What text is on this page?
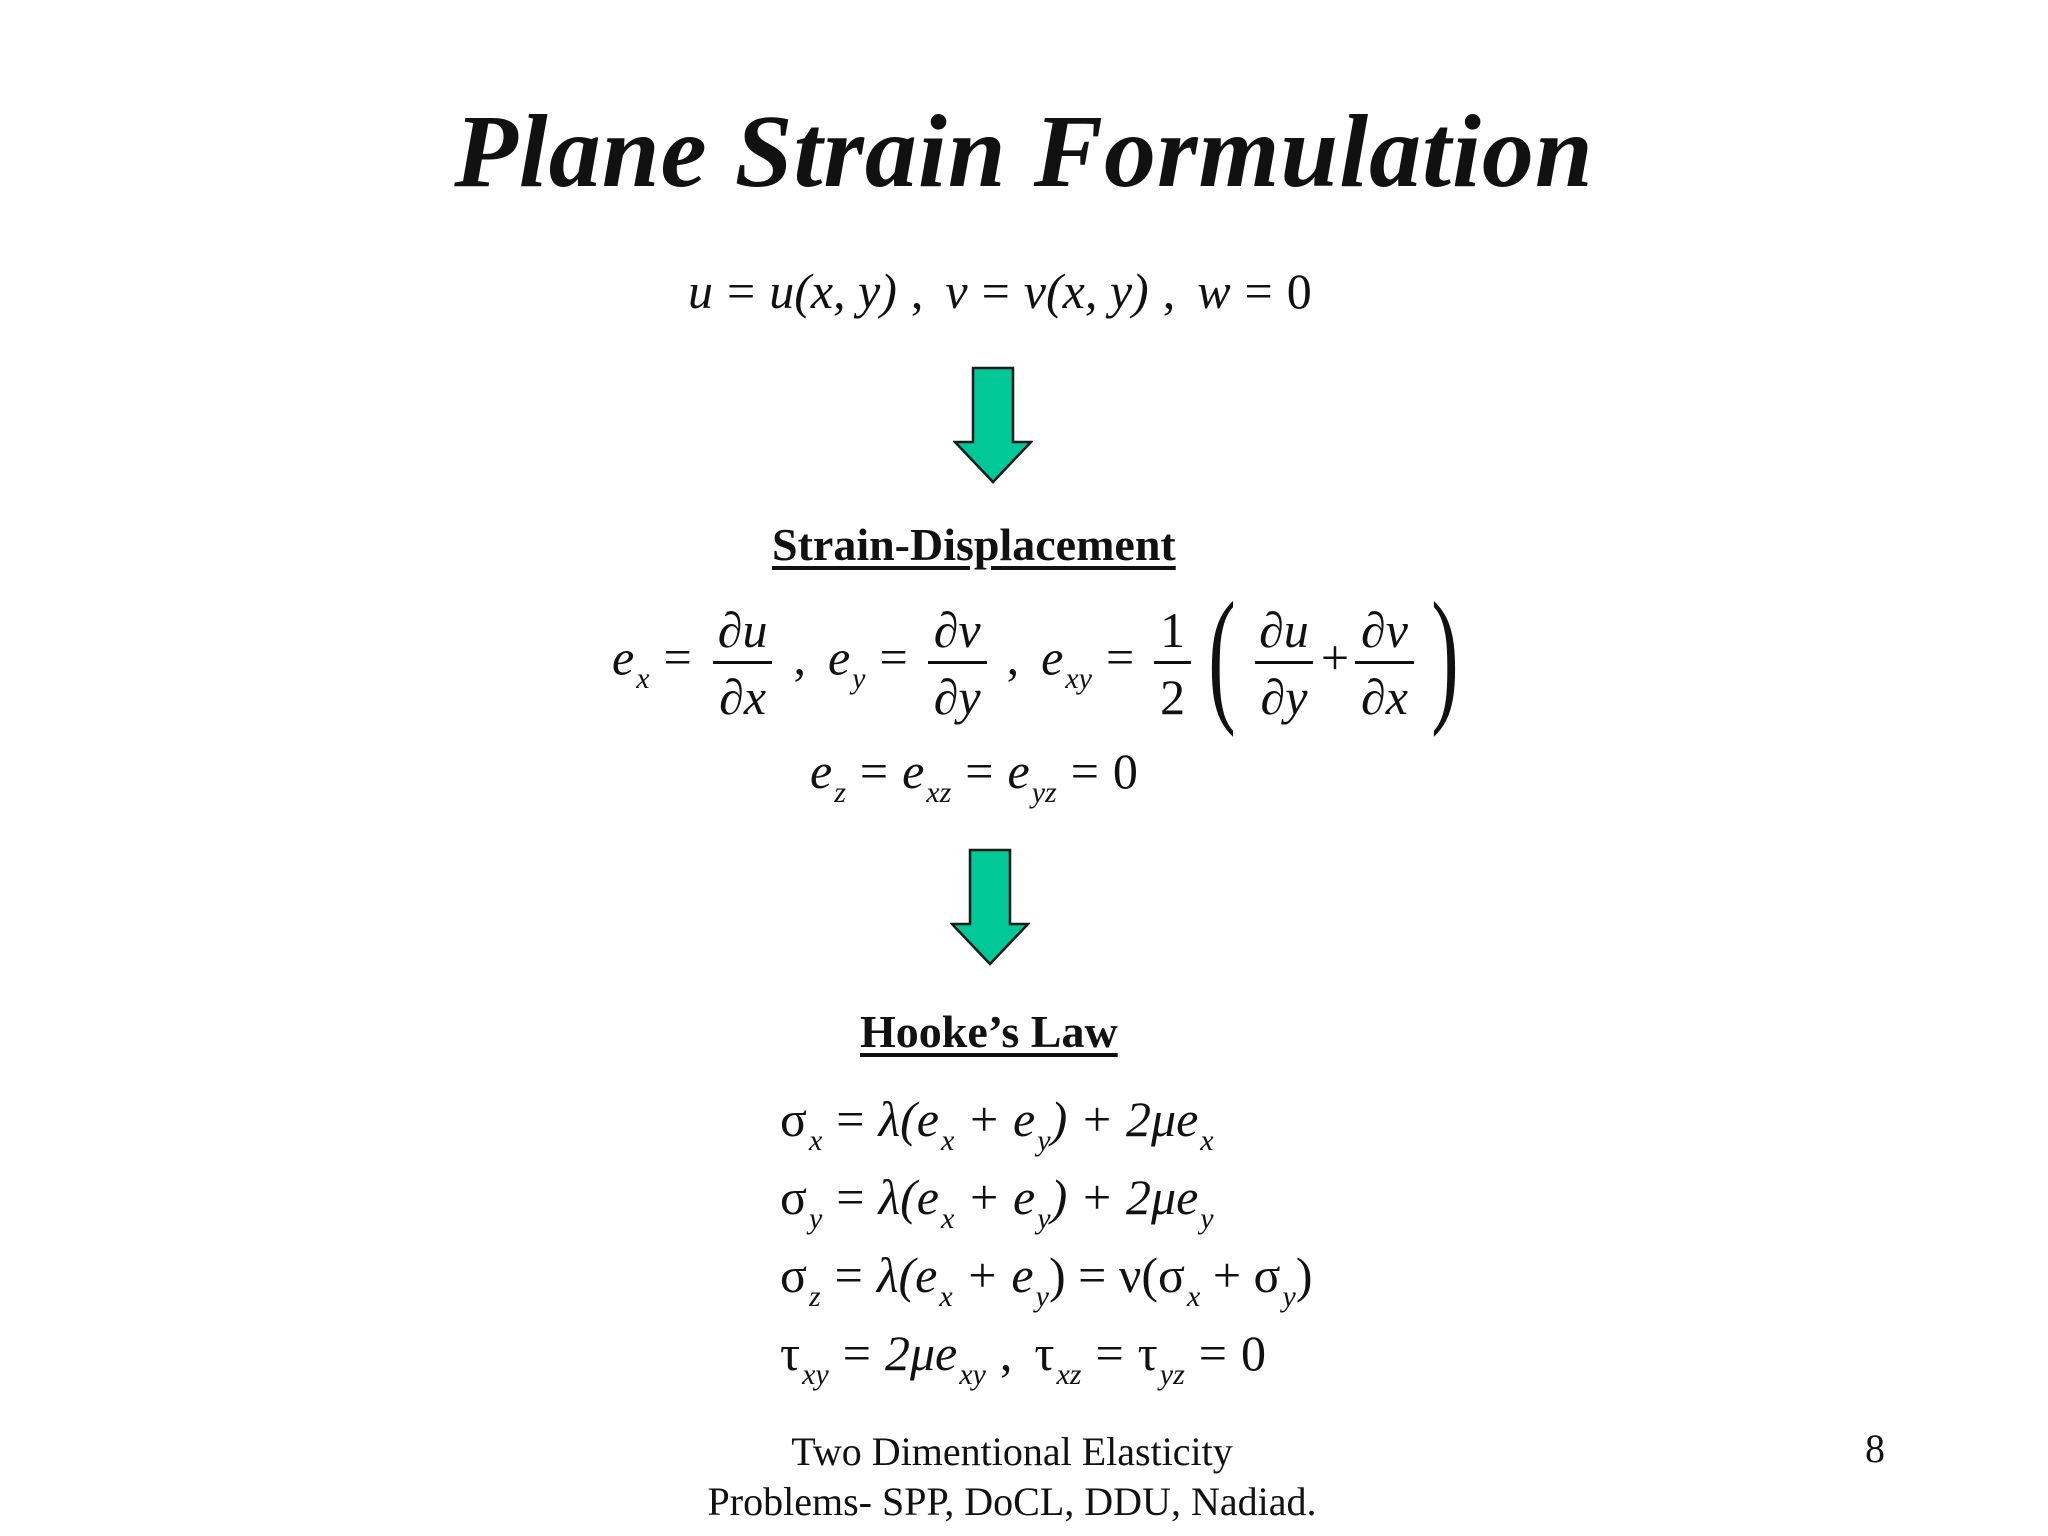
Plane Strain Formulation
u = u(x, y) , v = v(x, y) , w = 0
Strain-Displacement
$e_x = \frac{\partial u}{\partial x}$ , $e_y = \frac{\partial v}{\partial y}$ , $e_{xy} = \frac{1}{2}$ ( $\frac{\partial u}{\partial y} + \frac{\partial v}{\partial x}$ )
$e_z = e_{xz} = e_{yz} = 0$
Hooke’s Law
$\sigma_x = \lambda(e_x + e_y) + 2\mu e_x$
$\sigma_y = \lambda(e_x + e_y) + 2\mu e_y$
$\sigma_z = \lambda(e_x + e_y) = \nu(\sigma_x + \sigma_y)$
$\tau_{xy} = 2\mu e_{xy}$ , $\tau_{xz} = \tau_{yz} = 0$
Two Dimentional Elasticity
Problems- SPP, DoCL, DDU, Nadiad.
8
